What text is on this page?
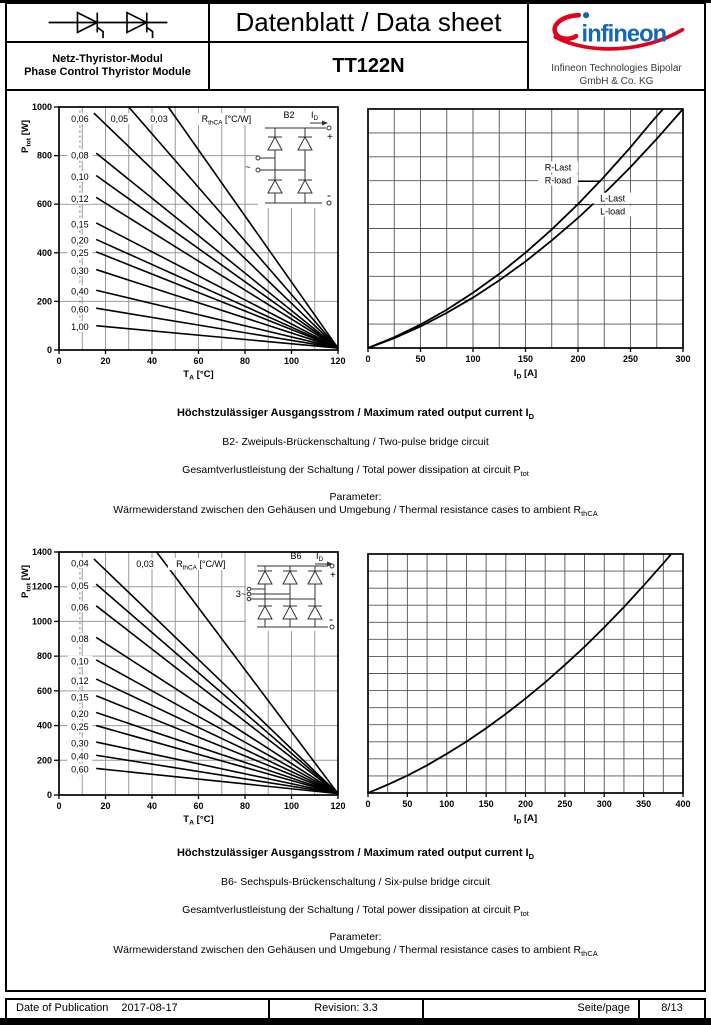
Netz-Thyristor-Modul
Phase Control Thyristor Module
Datenblatt / Data sheet
TT122N
infineon
Infineon Technologies Bipolar
GmbH & Co. KG
0,06 0,05 0,03
0,08
0,10
0,12
0,15
0,20
0,25
0,30
0,40
0,60
1,00
$R_{thCA}$ [°C/W]	B2 $I_D$
+
-
~
0	20	40	60	80	100	120
0
200
400
600
800
1000
$T_A$ [°C]
$P_{tot}$ [W]
R-Last
R-load
L-Last
L-load
0	50	100	150	200	250	300
$I_D$ [A]
Höchstzulässiger Ausgangsstrom / Maximum rated output current $I_D$
B2- Zweipuls-Brückenschaltung / Two-pulse bridge circuit
Gesamtverlustleistung der Schaltung / Total power dissipation at circuit $P_{tot}$
Parameter:
Wärmewiderstand zwischen den Gehäusen und Umgebung / Thermal resistance cases to ambient $R_{thCA}$
0,04	0,03
0,05
0,06
0,08
0,10
0,12
0,15
0,20
0,25
0,30
0,40
0,60
$R_{thCA}$ [°C/W]
B6 $I_D$
+
-
3~
0	20	40	60	80	100	120
0
200
400
600
800
1000
1200
1400
$T_A$ [°C]
$P_{tot}$ [W]
0	50	100	150	200	250	300	350	400
$I_D$ [A]
Höchstzulässiger Ausgangsstrom / Maximum rated output current $I_D$
B6- Sechspuls-Brückenschaltung / Six-pulse bridge circuit
Gesamtverlustleistung der Schaltung / Total power dissipation at circuit $P_{tot}$
Parameter:
Wärmewiderstand zwischen den Gehäusen und Umgebung / Thermal resistance cases to ambient $R_{thCA}$
Date of Publication 2017-08-17	Revision: 3.3	Seite/page	8/13
